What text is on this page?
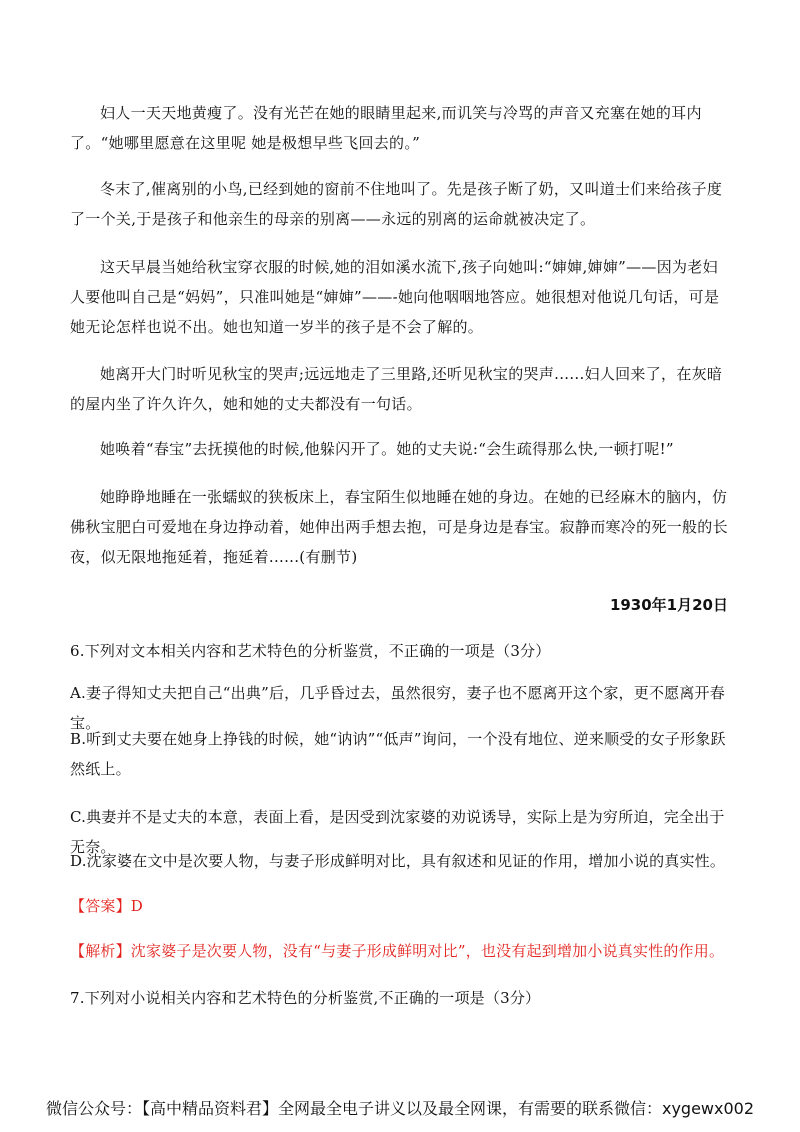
妇人一天天地黄瘦了。没有光芒在她的眼睛里起来,而讥笑与冷骂的声音又充塞在她的耳内了。“她哪里愿意在这里呢 她是极想早些飞回去的。”

冬末了,催离别的小鸟,已经到她的窗前不住地叫了。先是孩子断了奶，又叫道士们来给孩子度了一个关,于是孩子和他亲生的母亲的别离——永远的别离的运命就被决定了。

这天早晨当她给秋宝穿衣服的时候,她的泪如溪水流下,孩子向她叫:“婶婶,婶婶”——因为老妇人要他叫自己是“妈妈”，只准叫她是“婶婶”——-她向他咽咽地答应。她很想对他说几句话，可是她无论怎样也说不出。她也知道一岁半的孩子是不会了解的。

她离开大门时听见秋宝的哭声;远远地走了三里路,还听见秋宝的哭声......妇人回来了，在灰暗的屋内坐了许久许久，她和她的丈夫都没有一句话。

她唤着“春宝”去抚摸他的时候,他躲闪开了。她的丈夫说:“会生疏得那么快,一顿打呢!”

她睁睁地睡在一张蠕蚁的狭板床上，春宝陌生似地睡在她的身边。在她的已经麻木的脑内，仿佛秋宝肥白可爱地在身边挣动着，她伸出两手想去抱，可是身边是春宝。寂静而寒冷的死一般的长夜，似无限地拖延着，拖延着......(有删节)

1930年1月20日

6.下列对文本相关内容和艺术特色的分析鉴赏，不正确的一项是（3分）

A.妻子得知丈夫把自己“出典”后，几乎昏过去，虽然很穷，妻子也不愿离开这个家，更不愿离开春宝。

B.听到丈夫要在她身上挣钱的时候，她“讷讷”“低声”询问，一个没有地位、逆来顺受的女子形象跃然纸上。

C.典妻并不是丈夫的本意，表面上看，是因受到沈家婆的劝说诱导，实际上是为穷所迫，完全出于无奈。

D.沈家婆在文中是次要人物，与妻子形成鲜明对比，具有叙述和见证的作用，增加小说的真实性。

【答案】D

【解析】沈家婆子是次要人物，没有“与妻子形成鲜明对比”，也没有起到增加小说真实性的作用。

7.下列对小说相关内容和艺术特色的分析鉴赏,不正确的一项是（3分）

微信公众号：【高中精品资料君】全网最全电子讲义以及最全网课，有需要的联系微信：xygewx002
